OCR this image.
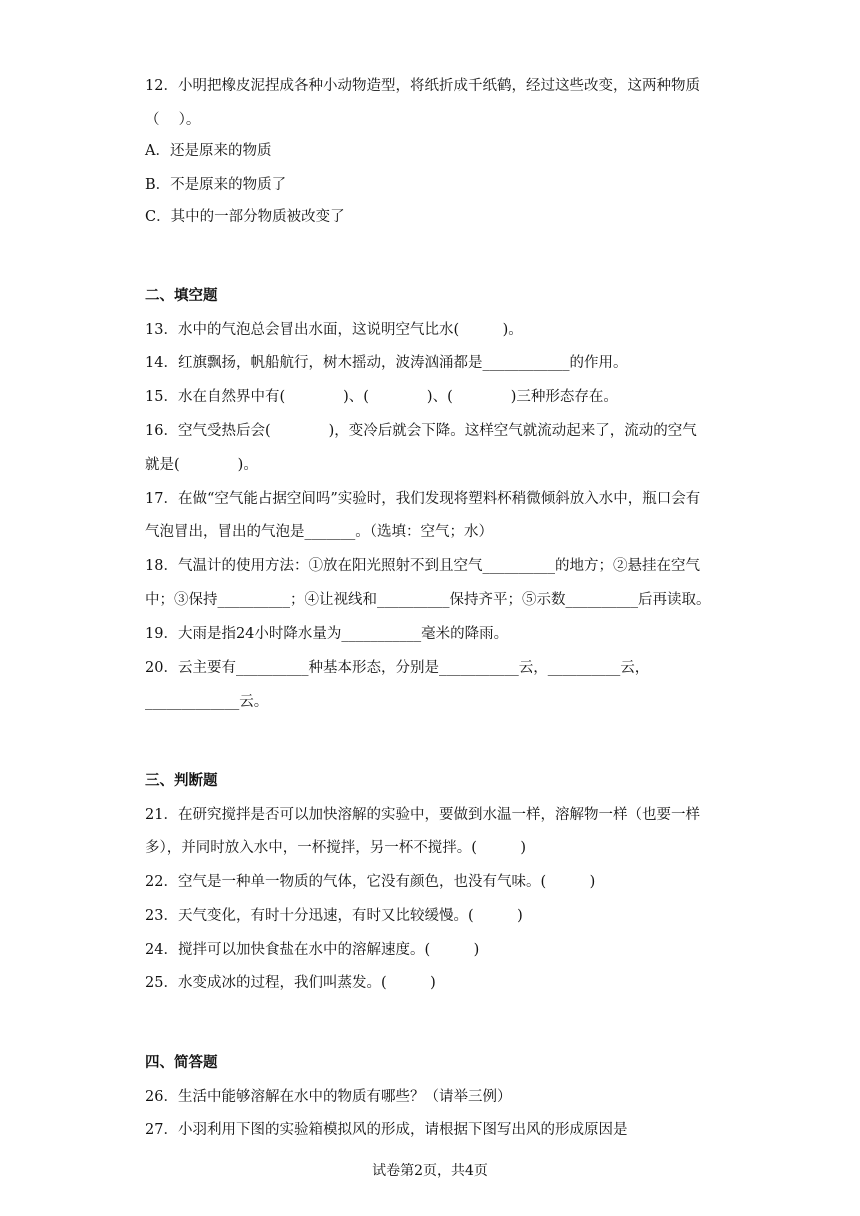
12．小明把橡皮泥捏成各种小动物造型，将纸折成千纸鹤，经过这些改变，这两种物质
（　 ）。
A．还是原来的物质
B．不是原来的物质了
C．其中的一部分物质被改变了
二、填空题
13．水中的气泡总会冒出水面，这说明空气比水(　　　)。
14．红旗飘扬，帆船航行，树木摇动，波涛汹涌都是____________的作用。
15．水在自然界中有(　　　　)、(　　　　)、(　　　　)三种形态存在。
16．空气受热后会(　　　　)，变冷后就会下降。这样空气就流动起来了，流动的空气
就是(　　　　)。
17．在做“空气能占据空间吗”实验时，我们发现将塑料杯稍微倾斜放入水中，瓶口会有
气泡冒出，冒出的气泡是_______。（选填：空气；水）
18．气温计的使用方法：①放在阳光照射不到且空气__________的地方；②悬挂在空气
中；③保持__________；④让视线和__________保持齐平；⑤示数__________后再读取。
19．大雨是指24小时降水量为___________毫米的降雨。
20．云主要有__________种基本形态，分别是___________云，__________云，
_____________云。
三、判断题
21．在研究搅拌是否可以加快溶解的实验中，要做到水温一样，溶解物一样（也要一样
多），并同时放入水中，一杯搅拌，另一杯不搅拌。(　　　)
22．空气是一种单一物质的气体，它没有颜色，也没有气味。(　　　)
23．天气变化，有时十分迅速，有时又比较缓慢。(　　　)
24．搅拌可以加快食盐在水中的溶解速度。(　　　)
25．水变成冰的过程，我们叫蒸发。(　　　)
四、简答题
26．生活中能够溶解在水中的物质有哪些？（请举三例）
27．小羽利用下图的实验箱模拟风的形成，请根据下图写出风的形成原因是
试卷第2页，共4页
